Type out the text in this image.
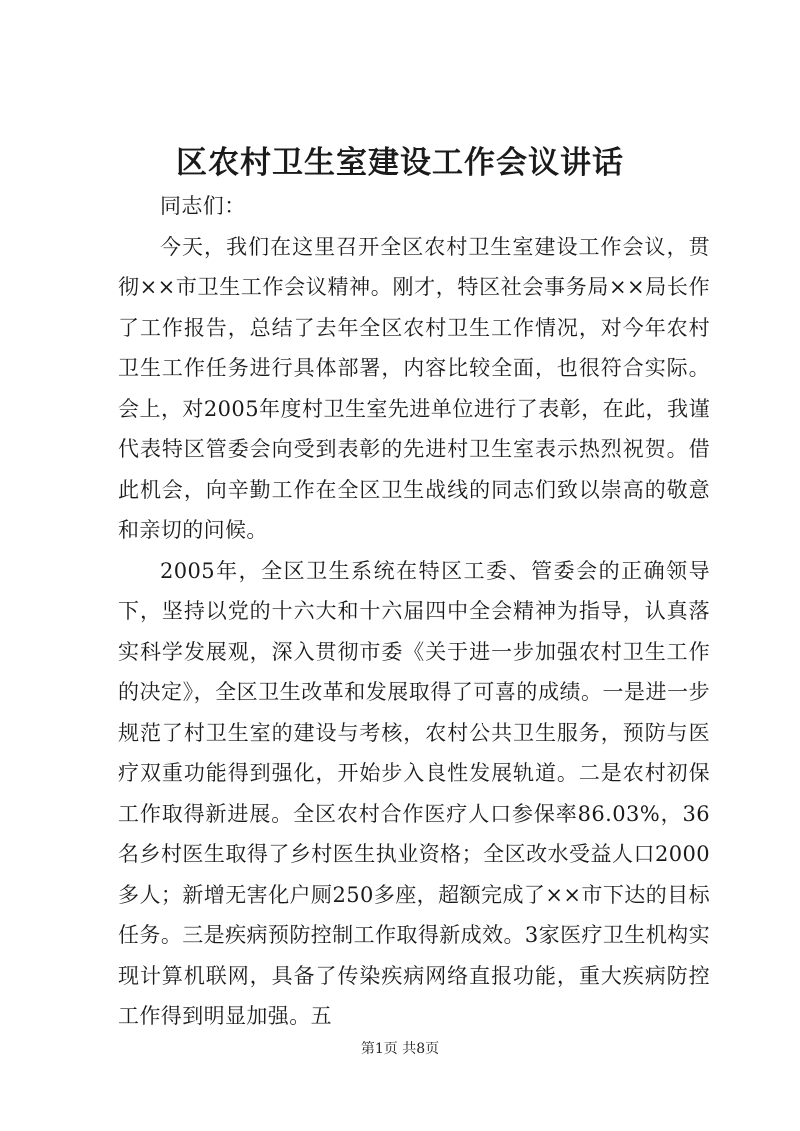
区农村卫生室建设工作会议讲话

同志们：

今天，我们在这里召开全区农村卫生室建设工作会议，贯彻××市卫生工作会议精神。刚才，特区社会事务局××局长作了工作报告，总结了去年全区农村卫生工作情况，对今年农村卫生工作任务进行具体部署，内容比较全面，也很符合实际。会上，对2005年度村卫生室先进单位进行了表彰，在此，我谨代表特区管委会向受到表彰的先进村卫生室表示热烈祝贺。借此机会，向辛勤工作在全区卫生战线的同志们致以崇高的敬意和亲切的问候。

2005年，全区卫生系统在特区工委、管委会的正确领导下，坚持以党的十六大和十六届四中全会精神为指导，认真落实科学发展观，深入贯彻市委《关于进一步加强农村卫生工作的决定》，全区卫生改革和发展取得了可喜的成绩。一是进一步规范了村卫生室的建设与考核，农村公共卫生服务，预防与医疗双重功能得到强化，开始步入良性发展轨道。二是农村初保工作取得新进展。全区农村合作医疗人口参保率86.03%，36名乡村医生取得了乡村医生执业资格；全区改水受益人口2000多人；新增无害化户厕250多座，超额完成了××市下达的目标任务。三是疾病预防控制工作取得新成效。3家医疗卫生机构实现计算机联网，具备了传染疾病网络直报功能，重大疾病防控工作得到明显加强。五

第1页 共8页
